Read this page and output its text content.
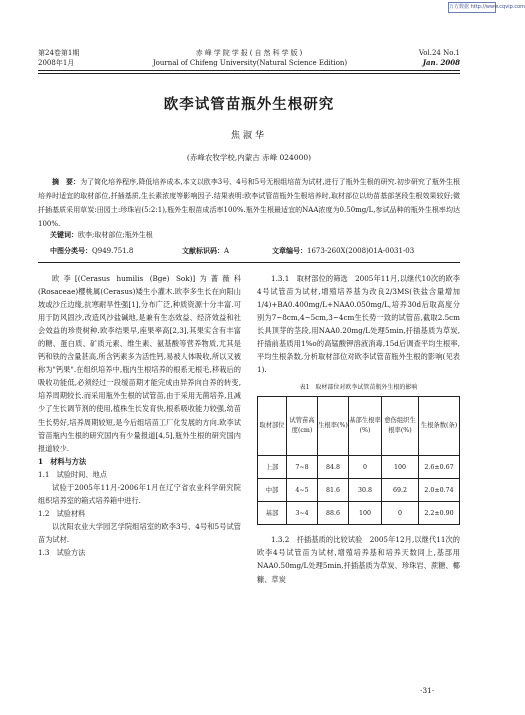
万方数据 http://www.cqvip.com
第24卷第1期
2008年1月
赤峰学院学报(自然科学版)
Journal of Chifeng University(Natural Science Edition)
Vol.24 No.1
Jan. 2008
欧李试管苗瓶外生根研究
焦淑华
(赤峰农牧学校,内蒙古 赤峰 024000)
摘　要：为了简化培养程序,降低培养成本,本文以欧李3号、4号和5号无根组培苗为试材,进行了瓶外生根的研究.初步研究了瓶外生根培养时适宜的取材部位,扦插基质,生长素浓度等影响因子.结果表明:欧李试管苗瓶外生根培养时,取材部位以幼苗基部茎段生根效果较好;微扦插基质采用草炭:田园土:珍珠岩(5:2:1),瓶外生根苗成活率100%.瓶外生根最适宜的NAA浓度为0.50mg/L,参试品种的瓶外生根率均达100%.
关键词：欧李;取材部位;瓶外生根
中图分类号：Q949.751.8	文献标识码：A	文章编号：1673-260X(2008)01A-0031-03

欧李[(Cerasus humilis (Bge) Sok)]为蔷薇科(Rosaceae)樱桃属(Cerasus)矮生小灌木.欧李多生长在向阳山坡或沙丘边缘,抗寒耐旱性强[1],分布广泛,种质资源十分丰富.可用于防风固沙,改造风沙盐碱地,是兼有生态效益、经济效益和社会效益的珍贵树种.欧李结果早,座果率高[2,3],其果实含有丰富的糖、蛋白质、矿质元素、维生素、氨基酸等营养物质,尤其是钙和铁的含量甚高,所含钙素多为活性钙,易被人体吸收,所以又被称为"钙果".在组织培养中,瓶内生根培养的根系无根毛,移栽后的吸收功能低,必须经过一段缓苗期才能完成由异养向自养的转变,培养周期较长.而采用瓶外生根的试管苗,由于采用无菌培养,且减少了生长调节剂的使用,植株生长发育快,根系吸收能力较强,幼苗生长势好,培养周期较短,是今后组培苗工厂化发展的方向.欧李试管苗瓶内生根的研究国内有少量报道[4,5],瓶外生根的研究国内报道较少.

1　材料与方法

1.1　试验时间、地点

试验于2005年11月-2006年1月在辽宁省农业科学研究院组织培养室的箱式培养箱中进行.

1.2　试验材料

以沈阳农业大学园艺学院组培室的欧李3号、4号和5号试管苗为试材.

1.3　试验方法

1.3.1　取材部位的筛选　2005年11月,以继代10次的欧李4号试管苗为试材,增殖培养基为改良2/3MS(铁盐含量增加1/4)+BA0.400mg/L+NAA0.050mg/L,培养30d后取高度分别为7~8cm,4~5cm,3~4cm生长势一致的试管苗,截取2.5cm长具顶芽的茎段,用NAA0.20mg/L处理5min,扦插基质为草炭,扦插前基质用1%o的高锰酸钾溶液消毒,15d后调查平均生根率,平均生根条数,分析取材部位对欧李试管苗瓶外生根的影响(见表1).

表1　取材部位对欧李试管苗瓶外生根的影响
取材部位	试管苗高度(cm)	生根率(%)	基部生根率(%)	愈伤组织生根率(%)	生根条数(条)
上部	7~8	84.8	0	100	2.6±0.67
中部	4~5	81.6	30.8	69.2	2.0±0.74
基部	3~4	88.6	100	0	2.2±0.90

1.3.2　扦插基质的比较试验　2005年12月,以继代11次的欧李4号试管苗为试材,增殖培养基和培养天数同上,基部用NAA0.50mg/L处理5min,扦插基质为草炭、珍珠岩、蔗糖、椰糠、草炭

·31·
